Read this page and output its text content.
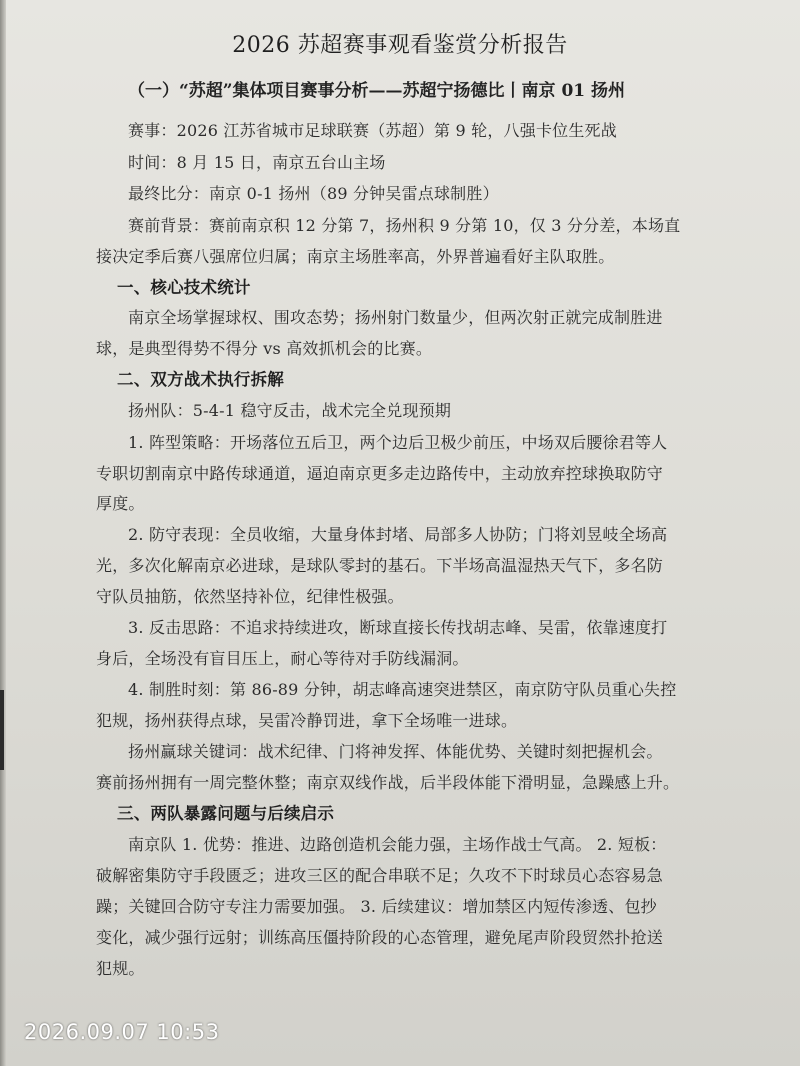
2026 苏超赛事观看鉴赏分析报告
（一）“苏超”集体项目赛事分析——苏超宁扬德比丨南京 01 扬州
赛事：2026 江苏省城市足球联赛（苏超）第 9 轮，八强卡位生死战
时间：8 月 15 日，南京五台山主场
最终比分：南京 0-1 扬州（89 分钟吴雷点球制胜）
赛前背景：赛前南京积 12 分第 7，扬州积 9 分第 10，仅 3 分分差，本场直
接决定季后赛八强席位归属；南京主场胜率高，外界普遍看好主队取胜。
一、核心技术统计
南京全场掌握球权、围攻态势；扬州射门数量少，但两次射正就完成制胜进
球，是典型得势不得分 vs 高效抓机会的比赛。
二、双方战术执行拆解
扬州队：5-4-1 稳守反击，战术完全兑现预期
1. 阵型策略：开场落位五后卫，两个边后卫极少前压，中场双后腰徐君等人
专职切割南京中路传球通道，逼迫南京更多走边路传中，主动放弃控球换取防守
厚度。
2. 防守表现：全员收缩，大量身体封堵、局部多人协防；门将刘昱岐全场高
光，多次化解南京必进球，是球队零封的基石。下半场高温湿热天气下，多名防
守队员抽筋，依然坚持补位，纪律性极强。
3. 反击思路：不追求持续进攻，断球直接长传找胡志峰、吴雷，依靠速度打
身后，全场没有盲目压上，耐心等待对手防线漏洞。
4. 制胜时刻：第 86-89 分钟，胡志峰高速突进禁区，南京防守队员重心失控
犯规，扬州获得点球，吴雷冷静罚进，拿下全场唯一进球。
扬州赢球关键词：战术纪律、门将神发挥、体能优势、关键时刻把握机会。
赛前扬州拥有一周完整休整；南京双线作战，后半段体能下滑明显，急躁感上升。
三、两队暴露问题与后续启示
南京队 1. 优势：推进、边路创造机会能力强，主场作战士气高。 2. 短板：
破解密集防守手段匮乏；进攻三区的配合串联不足；久攻不下时球员心态容易急
躁；关键回合防守专注力需要加强。 3. 后续建议：增加禁区内短传渗透、包抄
变化，减少强行远射；训练高压僵持阶段的心态管理，避免尾声阶段贸然扑抢送
犯规。
2026.09.07 10:53
